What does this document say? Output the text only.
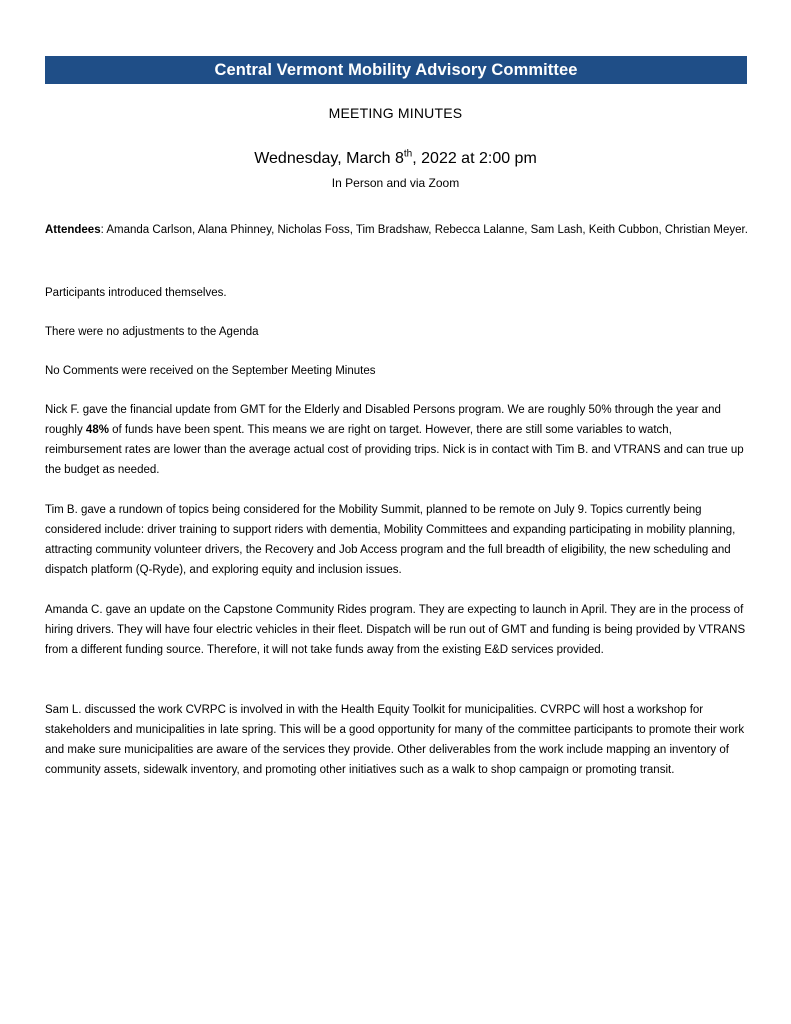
Central Vermont Mobility Advisory Committee
MEETING MINUTES
Wednesday, March 8th, 2022 at 2:00 pm
In Person and via Zoom

Attendees: Amanda Carlson, Alana Phinney, Nicholas Foss, Tim Bradshaw, Rebecca Lalanne, Sam Lash, Keith Cubbon, Christian Meyer.

Participants introduced themselves.

There were no adjustments to the Agenda

No Comments were received on the September Meeting Minutes

Nick F. gave the financial update from GMT for the Elderly and Disabled Persons program. We are roughly 50% through the year and roughly 48% of funds have been spent. This means we are right on target. However, there are still some variables to watch, reimbursement rates are lower than the average actual cost of providing trips. Nick is in contact with Tim B. and VTRANS and can true up the budget as needed.

Tim B. gave a rundown of topics being considered for the Mobility Summit, planned to be remote on July 9. Topics currently being considered include: driver training to support riders with dementia, Mobility Committees and expanding participating in mobility planning, attracting community volunteer drivers, the Recovery and Job Access program and the full breadth of eligibility, the new scheduling and dispatch platform (Q-Ryde), and exploring equity and inclusion issues.

Amanda C. gave an update on the Capstone Community Rides program. They are expecting to launch in April. They are in the process of hiring drivers. They will have four electric vehicles in their fleet. Dispatch will be run out of GMT and funding is being provided by VTRANS from a different funding source. Therefore, it will not take funds away from the existing E&D services provided.

Sam L. discussed the work CVRPC is involved in with the Health Equity Toolkit for municipalities. CVRPC will host a workshop for stakeholders and municipalities in late spring. This will be a good opportunity for many of the committee participants to promote their work and make sure municipalities are aware of the services they provide. Other deliverables from the work include mapping an inventory of community assets, sidewalk inventory, and promoting other initiatives such as a walk to shop campaign or promoting transit.
